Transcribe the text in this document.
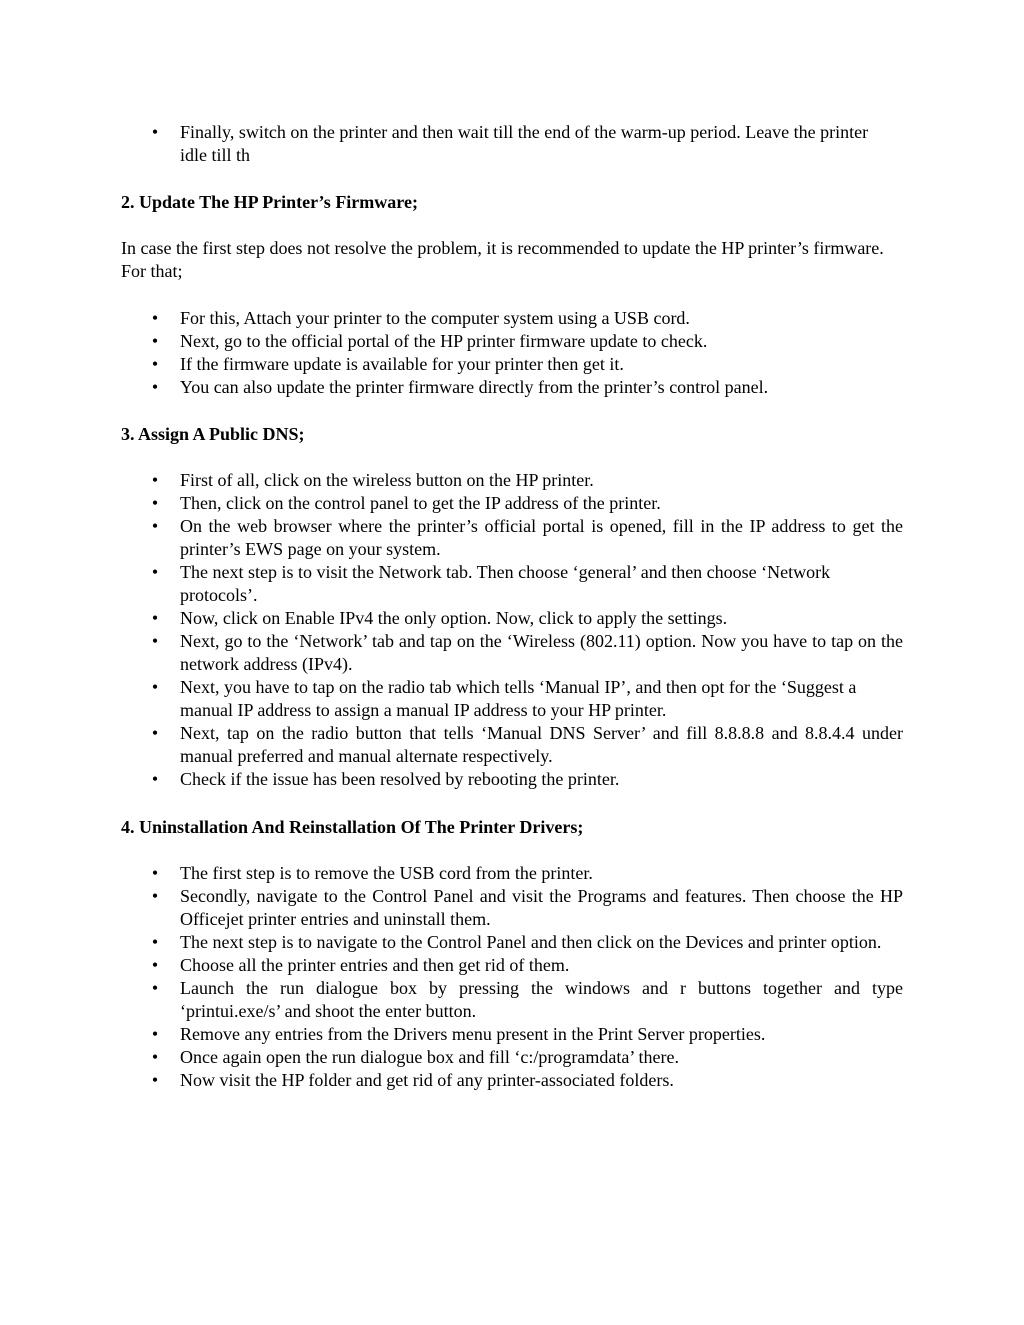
• Finally, switch on the printer and then wait till the end of the warm-up period. Leave the printer idle till th
2. Update The HP Printer’s Firmware;

In case the first step does not resolve the problem, it is recommended to update the HP printer’s firmware. For that;

• For this, Attach your printer to the computer system using a USB cord.
• Next, go to the official portal of the HP printer firmware update to check.
• If the firmware update is available for your printer then get it.
• You can also update the printer firmware directly from the printer’s control panel.
3. Assign A Public DNS;
• First of all, click on the wireless button on the HP printer.
• Then, click on the control panel to get the IP address of the printer.
• On the web browser where the printer’s official portal is opened, fill in the IP address to get the printer’s EWS page on your system.
• The next step is to visit the Network tab. Then choose ‘general’ and then choose ‘Network protocols’.
• Now, click on Enable IPv4 the only option. Now, click to apply the settings.
• Next, go to the ‘Network’ tab and tap on the ‘Wireless (802.11) option. Now you have to tap on the network address (IPv4).
• Next, you have to tap on the radio tab which tells ‘Manual IP’, and then opt for the ‘Suggest a manual IP address to assign a manual IP address to your HP printer.
• Next, tap on the radio button that tells ‘Manual DNS Server’ and fill 8.8.8.8 and 8.8.4.4 under manual preferred and manual alternate respectively.
• Check if the issue has been resolved by rebooting the printer.
4. Uninstallation And Reinstallation Of The Printer Drivers;
• The first step is to remove the USB cord from the printer.
• Secondly, navigate to the Control Panel and visit the Programs and features. Then choose the HP Officejet printer entries and uninstall them.
• The next step is to navigate to the Control Panel and then click on the Devices and printer option.
• Choose all the printer entries and then get rid of them.
• Launch the run dialogue box by pressing the windows and r buttons together and type ‘printui.exe/s’ and shoot the enter button.
• Remove any entries from the Drivers menu present in the Print Server properties.
• Once again open the run dialogue box and fill ‘c:/programdata’ there.
• Now visit the HP folder and get rid of any printer-associated folders.
